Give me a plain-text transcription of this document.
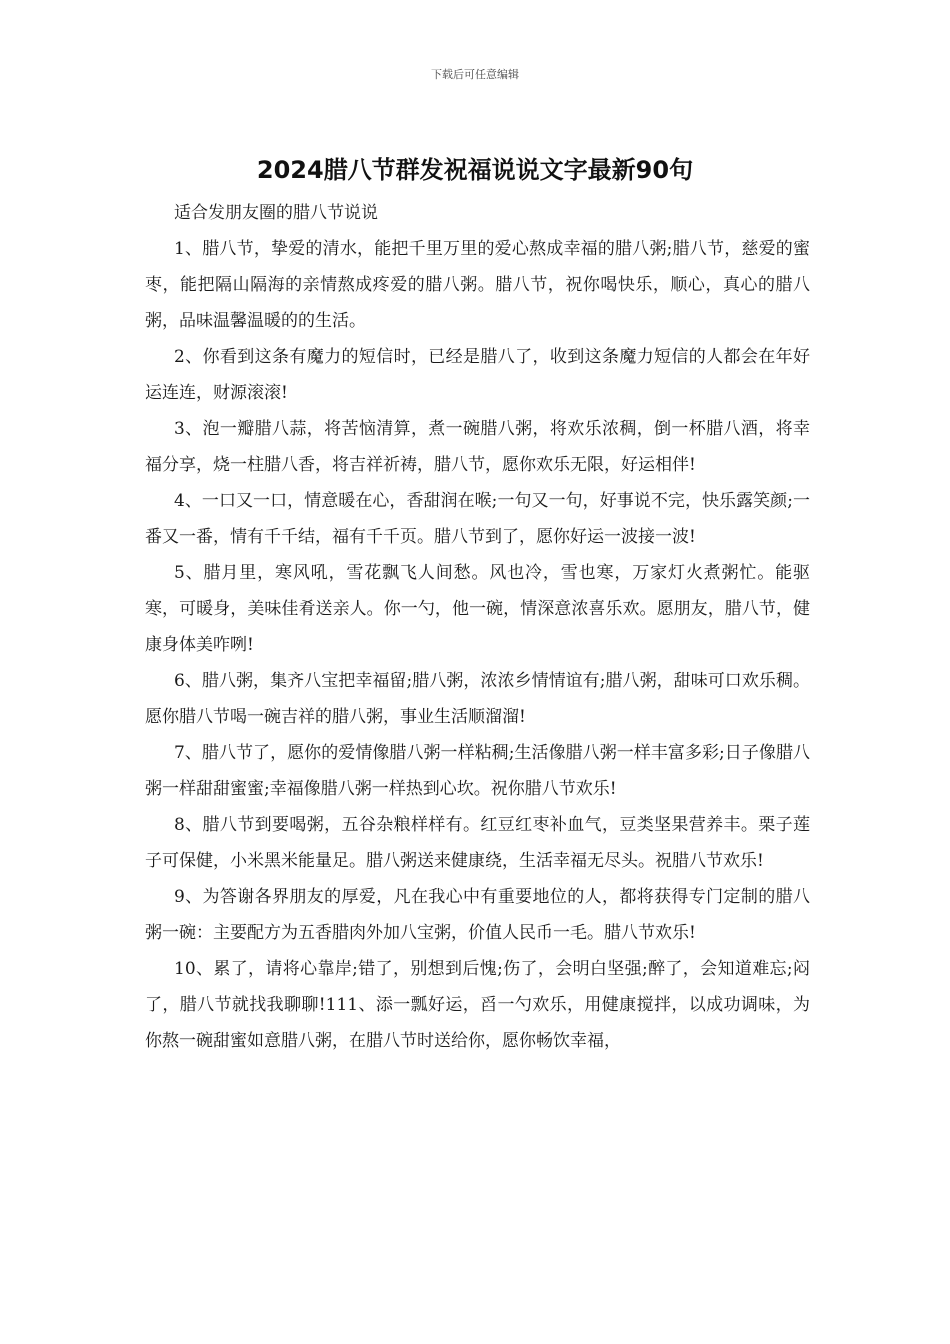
下载后可任意编辑
2024腊八节群发祝福说说文字最新90句

适合发朋友圈的腊八节说说

1、腊八节，挚爱的清水，能把千里万里的爱心熬成幸福的腊八粥;腊八节，慈爱的蜜枣，能把隔山隔海的亲情熬成疼爱的腊八粥。腊八节，祝你喝快乐，顺心，真心的腊八粥，品味温馨温暖的的生活。

2、你看到这条有魔力的短信时，已经是腊八了，收到这条魔力短信的人都会在年好运连连，财源滚滚!

3、泡一瓣腊八蒜，将苦恼清算，煮一碗腊八粥，将欢乐浓稠，倒一杯腊八酒，将幸福分享，烧一柱腊八香，将吉祥祈祷，腊八节，愿你欢乐无限，好运相伴!

4、一口又一口，情意暖在心，香甜润在喉;一句又一句，好事说不完，快乐露笑颜;一番又一番，情有千千结，福有千千页。腊八节到了，愿你好运一波接一波!

5、腊月里，寒风吼，雪花飘飞人间愁。风也冷，雪也寒，万家灯火煮粥忙。能驱寒，可暖身，美味佳肴送亲人。你一勺，他一碗，情深意浓喜乐欢。愿朋友，腊八节，健康身体美咋咧!

6、腊八粥，集齐八宝把幸福留;腊八粥，浓浓乡情情谊有;腊八粥，甜味可口欢乐稠。愿你腊八节喝一碗吉祥的腊八粥，事业生活顺溜溜!

7、腊八节了，愿你的爱情像腊八粥一样粘稠;生活像腊八粥一样丰富多彩;日子像腊八粥一样甜甜蜜蜜;幸福像腊八粥一样热到心坎。祝你腊八节欢乐!

8、腊八节到要喝粥，五谷杂粮样样有。红豆红枣补血气，豆类坚果营养丰。栗子莲子可保健，小米黑米能量足。腊八粥送来健康绕，生活幸福无尽头。祝腊八节欢乐!

9、为答谢各界朋友的厚爱，凡在我心中有重要地位的人，都将获得专门定制的腊八粥一碗：主要配方为五香腊肉外加八宝粥，价值人民币一毛。腊八节欢乐!

10、累了，请将心靠岸;错了，别想到后愧;伤了，会明白坚强;醉了，会知道难忘;闷了，腊八节就找我聊聊!111、添一瓢好运，舀一勺欢乐，用健康搅拌，以成功调味，为你熬一碗甜蜜如意腊八粥，在腊八节时送给你，愿你畅饮幸福，
